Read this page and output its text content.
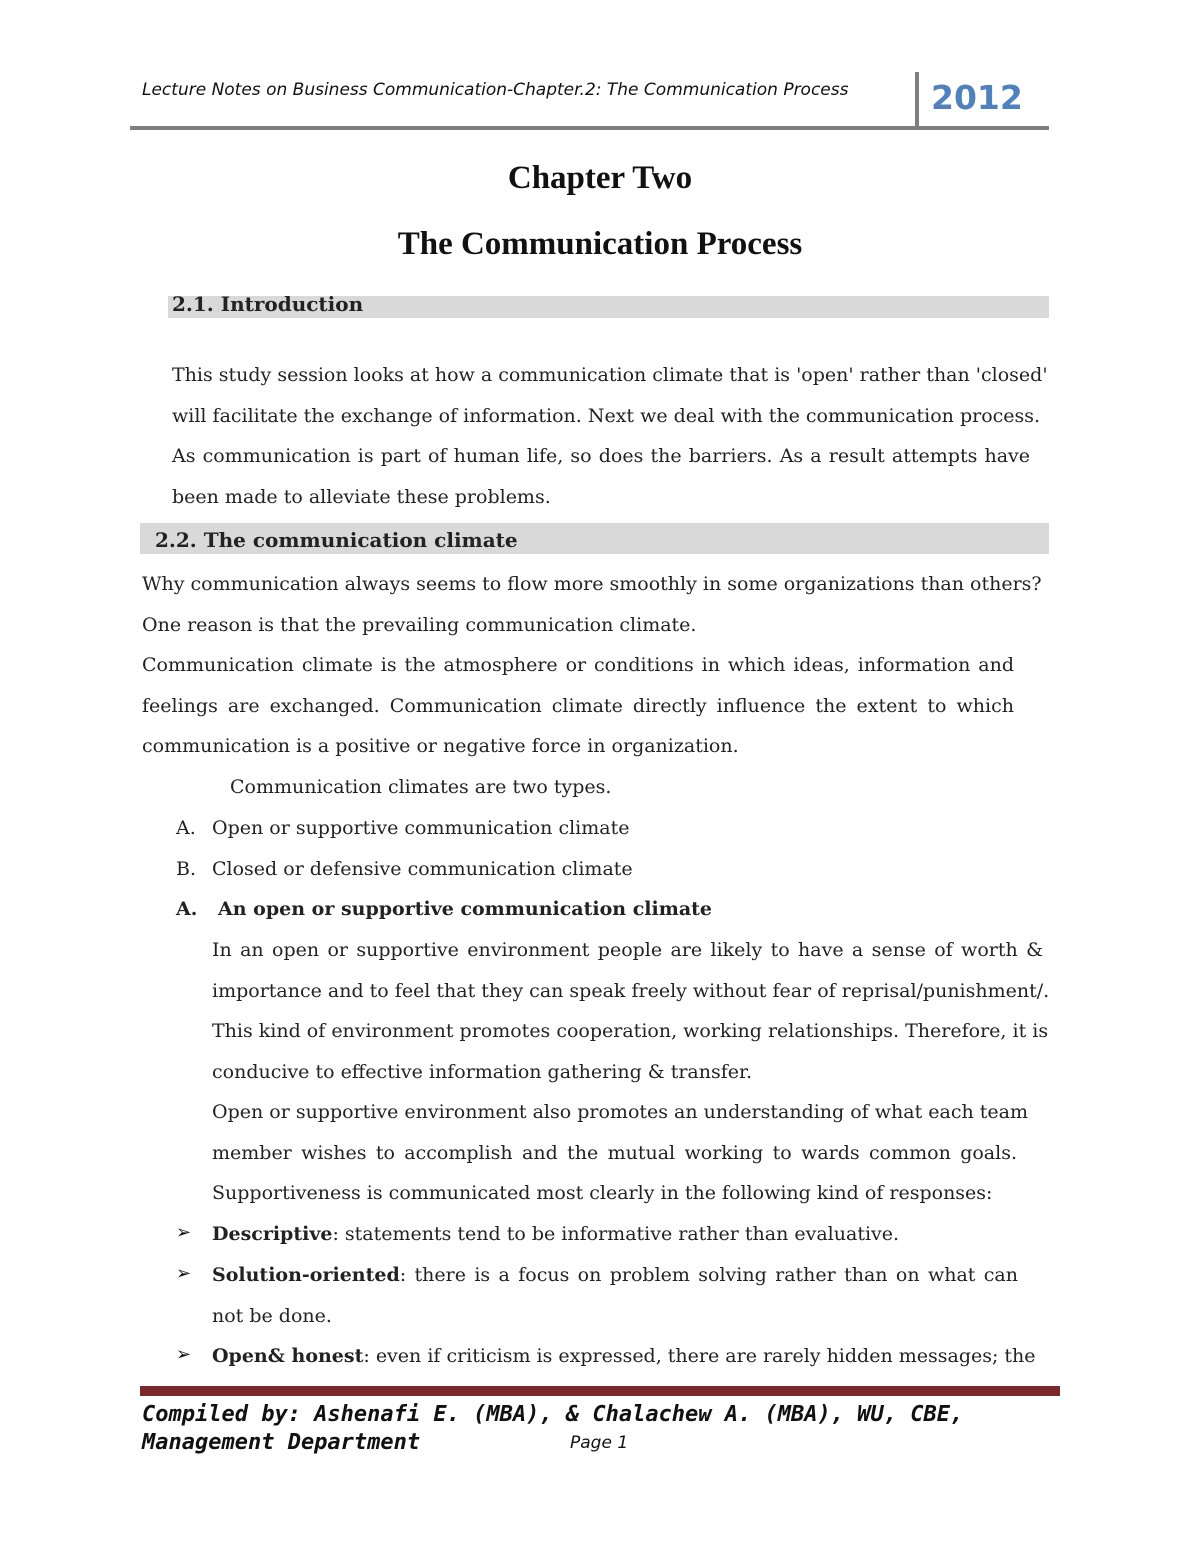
Lecture Notes on Business Communication-Chapter.2: The Communication Process	2012
Chapter Two
The Communication Process
2.1. Introduction
This study session looks at how a communication climate that is 'open' rather than 'closed'
will facilitate the exchange of information. Next we deal with the communication process.
As communication is part of human life, so does the barriers. As a result attempts have
been made to alleviate these problems.
2.2. The communication climate
Why communication always seems to flow more smoothly in some organizations than others?
One reason is that the prevailing communication climate.
Communication climate is the atmosphere or conditions in which ideas, information and
feelings are exchanged. Communication climate directly influence the extent to which
communication is a positive or negative force in organization.
Communication climates are two types.
A. Open or supportive communication climate
B. Closed or defensive communication climate
A. An open or supportive communication climate
In an open or supportive environment people are likely to have a sense of worth &
importance and to feel that they can speak freely without fear of reprisal/punishment/.
This kind of environment promotes cooperation, working relationships. Therefore, it is
conducive to effective information gathering & transfer.
Open or supportive environment also promotes an understanding of what each team
member wishes to accomplish and the mutual working to wards common goals.
Supportiveness is communicated most clearly in the following kind of responses:
➢ Descriptive: statements tend to be informative rather than evaluative.
➢ Solution-oriented: there is a focus on problem solving rather than on what can
not be done.
➢ Open& honest: even if criticism is expressed, there are rarely hidden messages; the
Compiled by: Ashenafi E. (MBA), & Chalachew A. (MBA), WU, CBE,
Management Department	Page 1
